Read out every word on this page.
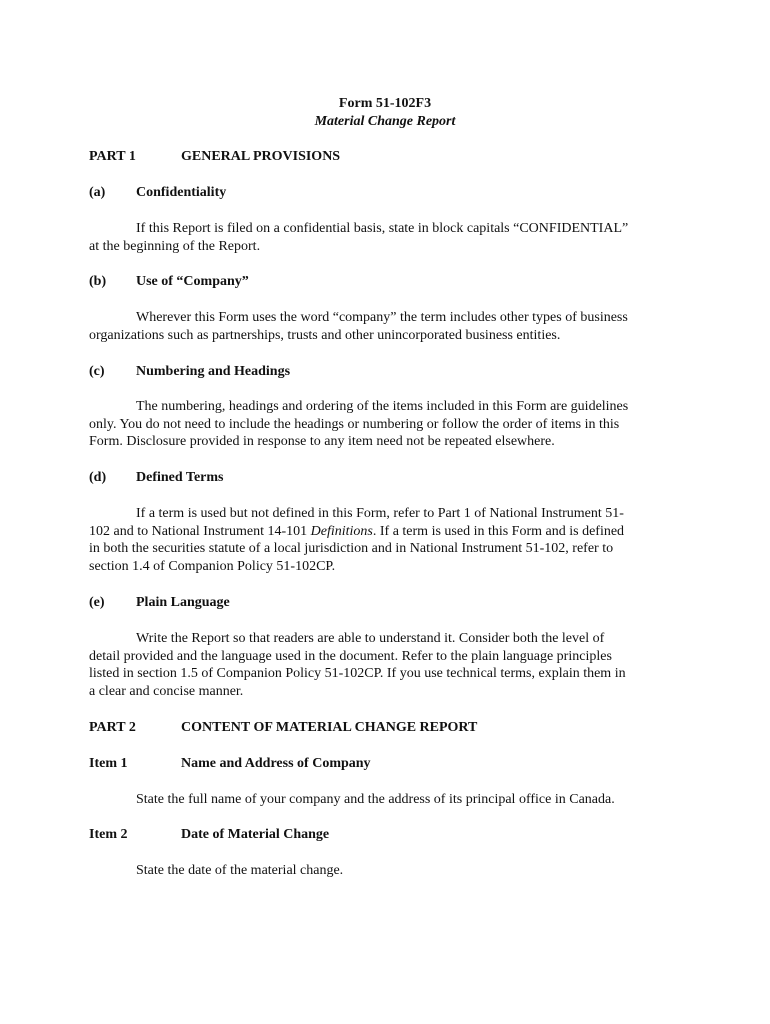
Form 51-102F3
Material Change Report
PART 1	GENERAL PROVISIONS
(a) Confidentiality
If this Report is filed on a confidential basis, state in block capitals “CONFIDENTIAL”
at the beginning of the Report.
(b) Use of “Company”
Wherever this Form uses the word “company” the term includes other types of business
organizations such as partnerships, trusts and other unincorporated business entities.
(c) Numbering and Headings
The numbering, headings and ordering of the items included in this Form are guidelines
only. You do not need to include the headings or numbering or follow the order of items in this
Form. Disclosure provided in response to any item need not be repeated elsewhere.
(d) Defined Terms
If a term is used but not defined in this Form, refer to Part 1 of National Instrument 51-
102 and to National Instrument 14-101 Definitions. If a term is used in this Form and is defined
in both the securities statute of a local jurisdiction and in National Instrument 51-102, refer to
section 1.4 of Companion Policy 51-102CP.
(e) Plain Language
Write the Report so that readers are able to understand it. Consider both the level of
detail provided and the language used in the document. Refer to the plain language principles
listed in section 1.5 of Companion Policy 51-102CP. If you use technical terms, explain them in
a clear and concise manner.
PART 2	CONTENT OF MATERIAL CHANGE REPORT
Item 1	Name and Address of Company
State the full name of your company and the address of its principal office in Canada.
Item 2	Date of Material Change
State the date of the material change.
